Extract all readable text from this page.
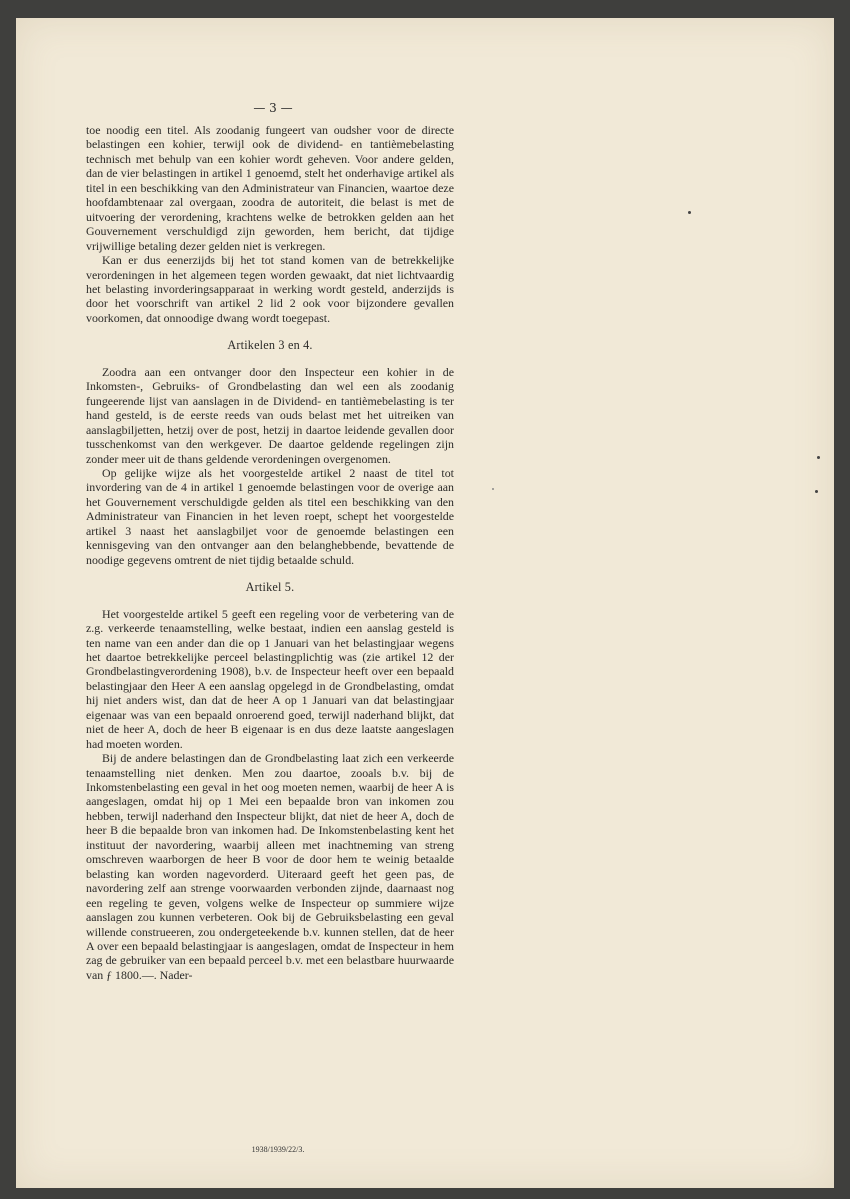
— 3 —

toe noodig een titel. Als zoodanig fungeert van oudsher voor de directe belastingen een kohier, terwijl ook de dividend- en tantièmebelasting technisch met behulp van een kohier wordt geheven. Voor andere gelden, dan de vier belastingen in artikel 1 genoemd, stelt het onderhavige artikel als titel in een beschikking van den Administrateur van Financien, waartoe deze hoofdambtenaar zal overgaan, zoodra de autoriteit, die belast is met de uitvoering der verordening, krachtens welke de betrokken gelden aan het Gouvernement verschuldigd zijn geworden, hem bericht, dat tijdige vrijwillige betaling dezer gelden niet is verkregen.

Kan er dus eenerzijds bij het tot stand komen van de betrekkelijke verordeningen in het algemeen tegen worden gewaakt, dat niet lichtvaardig het belasting invorderingsapparaat in werking wordt gesteld, anderzijds is door het voorschrift van artikel 2 lid 2 ook voor bijzondere gevallen voorkomen, dat onnoodige dwang wordt toegepast.

Artikelen 3 en 4.

Zoodra aan een ontvanger door den Inspecteur een kohier in de Inkomsten-, Gebruiks- of Grondbelasting dan wel een als zoodanig fungeerende lijst van aanslagen in de Dividend- en tantièmebelasting is ter hand gesteld, is de eerste reeds van ouds belast met het uitreiken van aanslagbiljetten, hetzij over de post, hetzij in daartoe leidende gevallen door tusschenkomst van den werkgever. De daartoe geldende regelingen zijn zonder meer uit de thans geldende verordeningen overgenomen.

Op gelijke wijze als het voorgestelde artikel 2 naast de titel tot invordering van de 4 in artikel 1 genoemde belastingen voor de overige aan het Gouvernement verschuldigde gelden als titel een beschikking van den Administrateur van Financien in het leven roept, schept het voorgestelde artikel 3 naast het aanslagbiljet voor de genoemde belastingen een kennisgeving van den ontvanger aan den belanghebbende, bevattende de noodige gegevens omtrent de niet tijdig betaalde schuld.

Artikel 5.

Het voorgestelde artikel 5 geeft een regeling voor de verbetering van de z.g. verkeerde tenaamstelling, welke bestaat, indien een aanslag gesteld is ten name van een ander dan die op 1 Januari van het belastingjaar wegens het daartoe betrekkelijke perceel belastingplichtig was (zie artikel 12 der Grondbelastingverordening 1908), b.v. de Inspecteur heeft over een bepaald belastingjaar den Heer A een aanslag opgelegd in de Grondbelasting, omdat hij niet anders wist, dan dat de heer A op 1 Januari van dat belastingjaar eigenaar was van een bepaald onroerend goed, terwijl naderhand blijkt, dat niet de heer A, doch de heer B eigenaar is en dus deze laatste aangeslagen had moeten worden.

Bij de andere belastingen dan de Grondbelasting laat zich een verkeerde tenaamstelling niet denken. Men zou daartoe, zooals b.v. bij de Inkomstenbelasting een geval in het oog moeten nemen, waarbij de heer A is aangeslagen, omdat hij op 1 Mei een bepaalde bron van inkomen zou hebben, terwijl naderhand den Inspecteur blijkt, dat niet de heer A, doch de heer B die bepaalde bron van inkomen had. De Inkomstenbelasting kent het instituut der navordering, waarbij alleen met inachtneming van streng omschreven waarborgen de heer B voor de door hem te weinig betaalde belasting kan worden nagevorderd. Uiteraard geeft het geen pas, de navordering zelf aan strenge voorwaarden verbonden zijnde, daarnaast nog een regeling te geven, volgens welke de Inspecteur op summiere wijze aanslagen zou kunnen verbeteren. Ook bij de Gebruiksbelasting een geval willende construeeren, zou ondergeteekende b.v. kunnen stellen, dat de heer A over een bepaald belastingjaar is aangeslagen, omdat de Inspecteur in hem zag de gebruiker van een bepaald perceel b.v. met een belastbare huurwaarde van ƒ 1800.—. Nader-

1938/1939/22/3.
